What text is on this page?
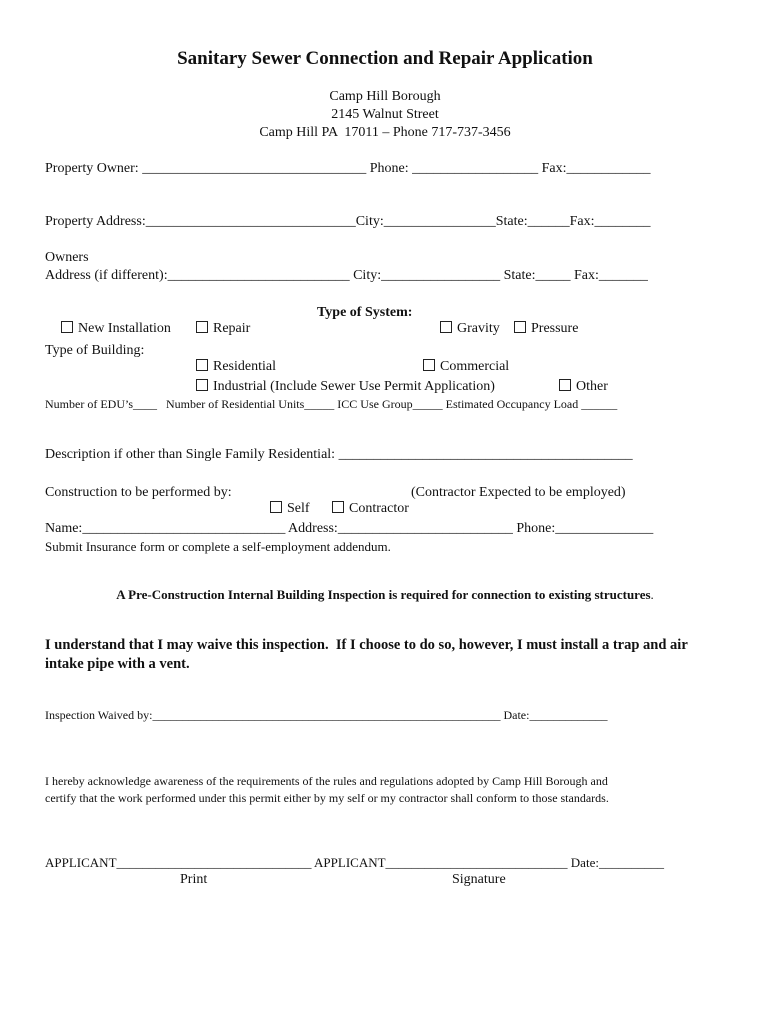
Sanitary Sewer Connection and Repair Application
Camp Hill Borough
2145 Walnut Street
Camp Hill PA  17011 – Phone 717-737-3456
Property Owner: ________________________________ Phone: __________________ Fax:____________
Property Address:______________________________City:________________State:______Fax:________
Owners
Address (if different):__________________________ City:_________________ State:_____ Fax:_______

New Installation
	Repair

Type of System:

Gravity
	Pressure

Type of Building:

Residential
	Commercial

Industrial (Include Sewer Use Permit Application)
	Other

Number of EDU’s____   Number of Residential Units_____ ICC Use Group_____ Estimated Occupancy Load ______
Description if other than Single Family Residential: __________________________________________
Construction to be performed by:

Self
	Contractor

(Contractor Expected to be employed)
Name:_____________________________ Address:_________________________ Phone:______________
Submit Insurance form or complete a self-employment addendum.
A Pre-Construction Internal Building Inspection is required for connection to existing structures.
I understand that I may waive this inspection.  If I choose to do so, however, I must install a trap and air
intake pipe with a vent.
Inspection Waived by:__________________________________________________________ Date:_____________
I hereby acknowledge awareness of the requirements of the rules and regulations adopted by Camp Hill Borough and
certify that the work performed under this permit either by my self or my contractor shall conform to those standards.
APPLICANT______________________________ APPLICANT____________________________ Date:__________
Print	Signature
